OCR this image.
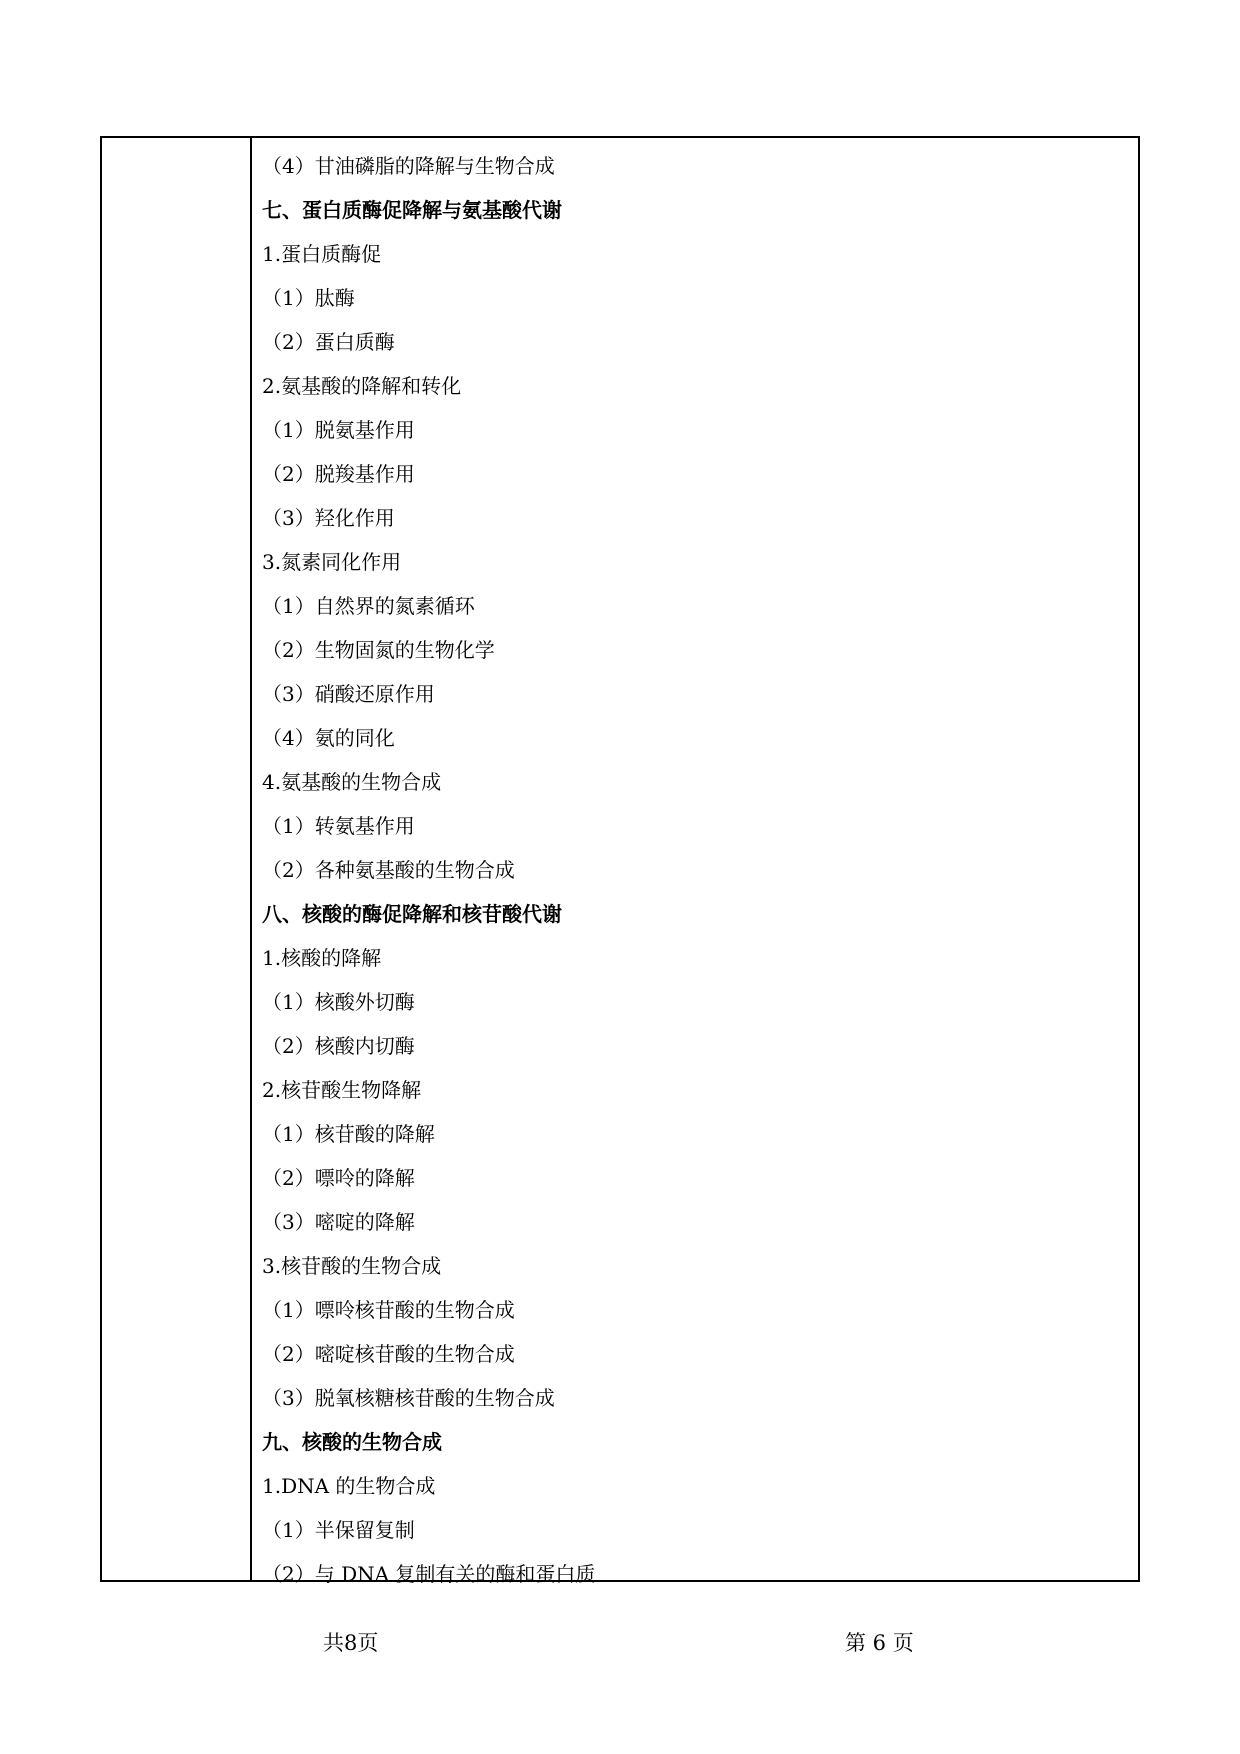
（4）甘油磷脂的降解与生物合成
七、蛋白质酶促降解与氨基酸代谢
1.蛋白质酶促
（1）肽酶
（2）蛋白质酶
2.氨基酸的降解和转化
（1）脱氨基作用
（2）脱羧基作用
（3）羟化作用
3.氮素同化作用
（1）自然界的氮素循环
（2）生物固氮的生物化学
（3）硝酸还原作用
（4）氨的同化
4.氨基酸的生物合成
（1）转氨基作用
（2）各种氨基酸的生物合成
八、核酸的酶促降解和核苷酸代谢
1.核酸的降解
（1）核酸外切酶
（2）核酸内切酶
2.核苷酸生物降解
（1）核苷酸的降解
（2）嘌呤的降解
（3）嘧啶的降解
3.核苷酸的生物合成
（1）嘌呤核苷酸的生物合成
（2）嘧啶核苷酸的生物合成
（3）脱氧核糖核苷酸的生物合成
九、核酸的生物合成
1.DNA 的生物合成
（1）半保留复制
（2）与 DNA 复制有关的酶和蛋白质
共8页	第 6 页
